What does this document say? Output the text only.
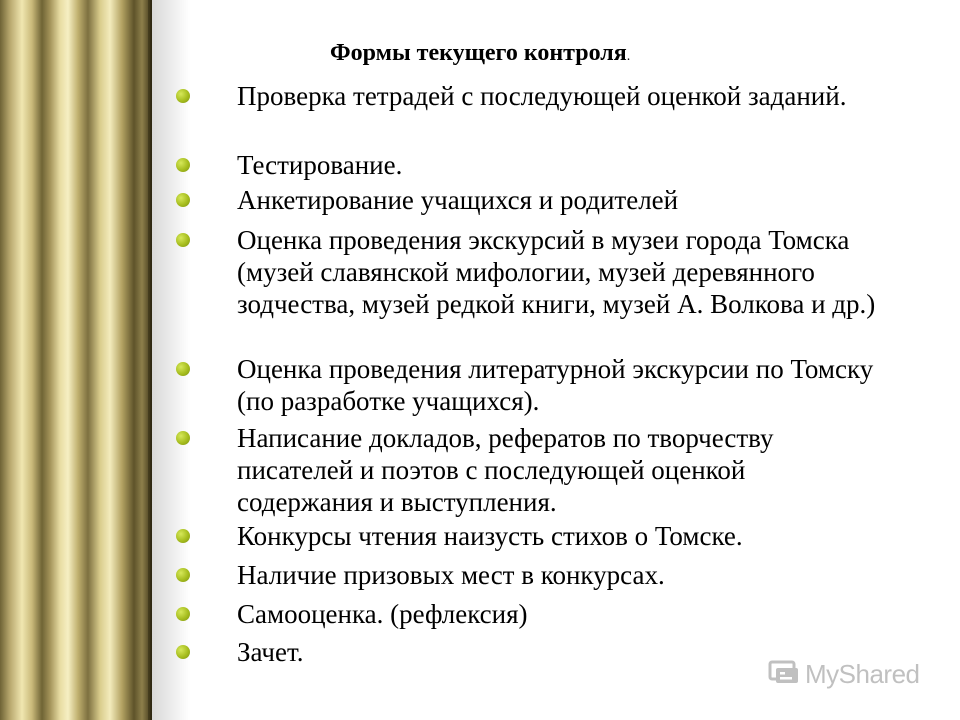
Формы текущего контроля.
Проверка тетрадей с последующей оценкой заданий.
Тестирование.
Анкетирование учащихся и родителей
Оценка проведения экскурсий в музеи города Томска (музей славянской мифологии, музей деревянного зодчества, музей редкой книги, музей А. Волкова и др.)
Оценка проведения литературной экскурсии по Томску (по разработке учащихся).
Написание докладов, рефератов по творчеству писателей и поэтов с последующей оценкой содержания и выступления.
Конкурсы чтения наизусть стихов о Томске.
Наличие призовых мест в конкурсах.
Самооценка. (рефлексия)
Зачет.
MyShared
